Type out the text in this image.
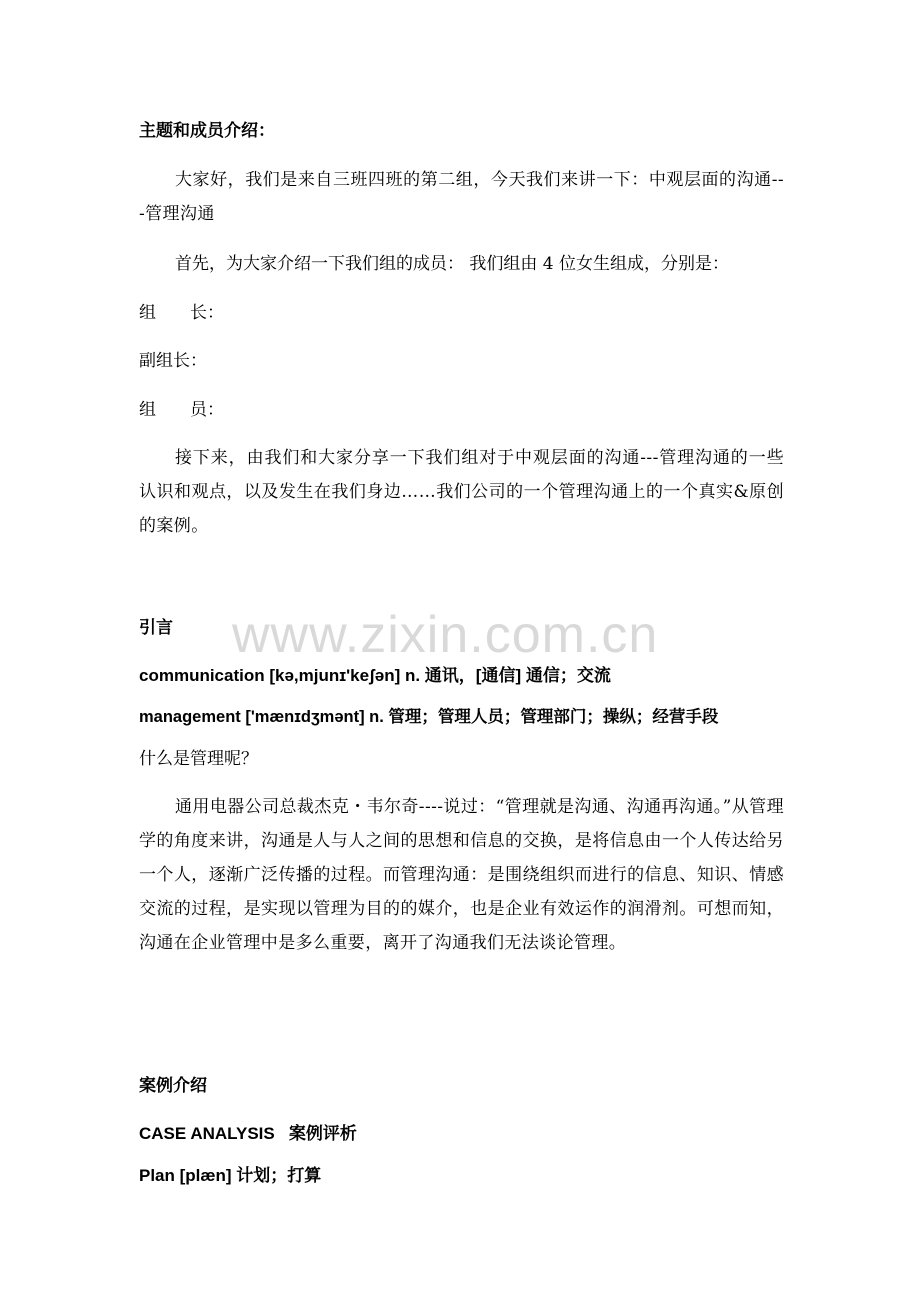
主题和成员介绍：
大家好，我们是来自三班四班的第二组，今天我们来讲一下：中观层面的沟通---管理沟通
首先，为大家介绍一下我们组的成员： 我们组由 4 位女生组成，分别是：
组　　长：
副组长：
组　　员：
接下来，由我们和大家分享一下我们组对于中观层面的沟通---管理沟通的一些认识和观点，以及发生在我们身边……我们公司的一个管理沟通上的一个真实&原创的案例。
www.zixin.com.cn
引言
communication [kə,mjunɪ'keʃən] n. 通讯，[通信] 通信；交流
management ['mænɪdʒmənt] n. 管理；管理人员；管理部门；操纵；经营手段
什么是管理呢？
通用电器公司总裁杰克・韦尔奇----说过：“管理就是沟通、沟通再沟通。”从管理学的角度来讲，沟通是人与人之间的思想和信息的交换，是将信息由一个人传达给另一个人，逐渐广泛传播的过程。而管理沟通：是围绕组织而进行的信息、知识、情感交流的过程，是实现以管理为目的的媒介，也是企业有效运作的润滑剂。可想而知，沟通在企业管理中是多么重要，离开了沟通我们无法谈论管理。
案例介绍
CASE ANALYSIS   案例评析
Plan [plæn] 计划；打算
